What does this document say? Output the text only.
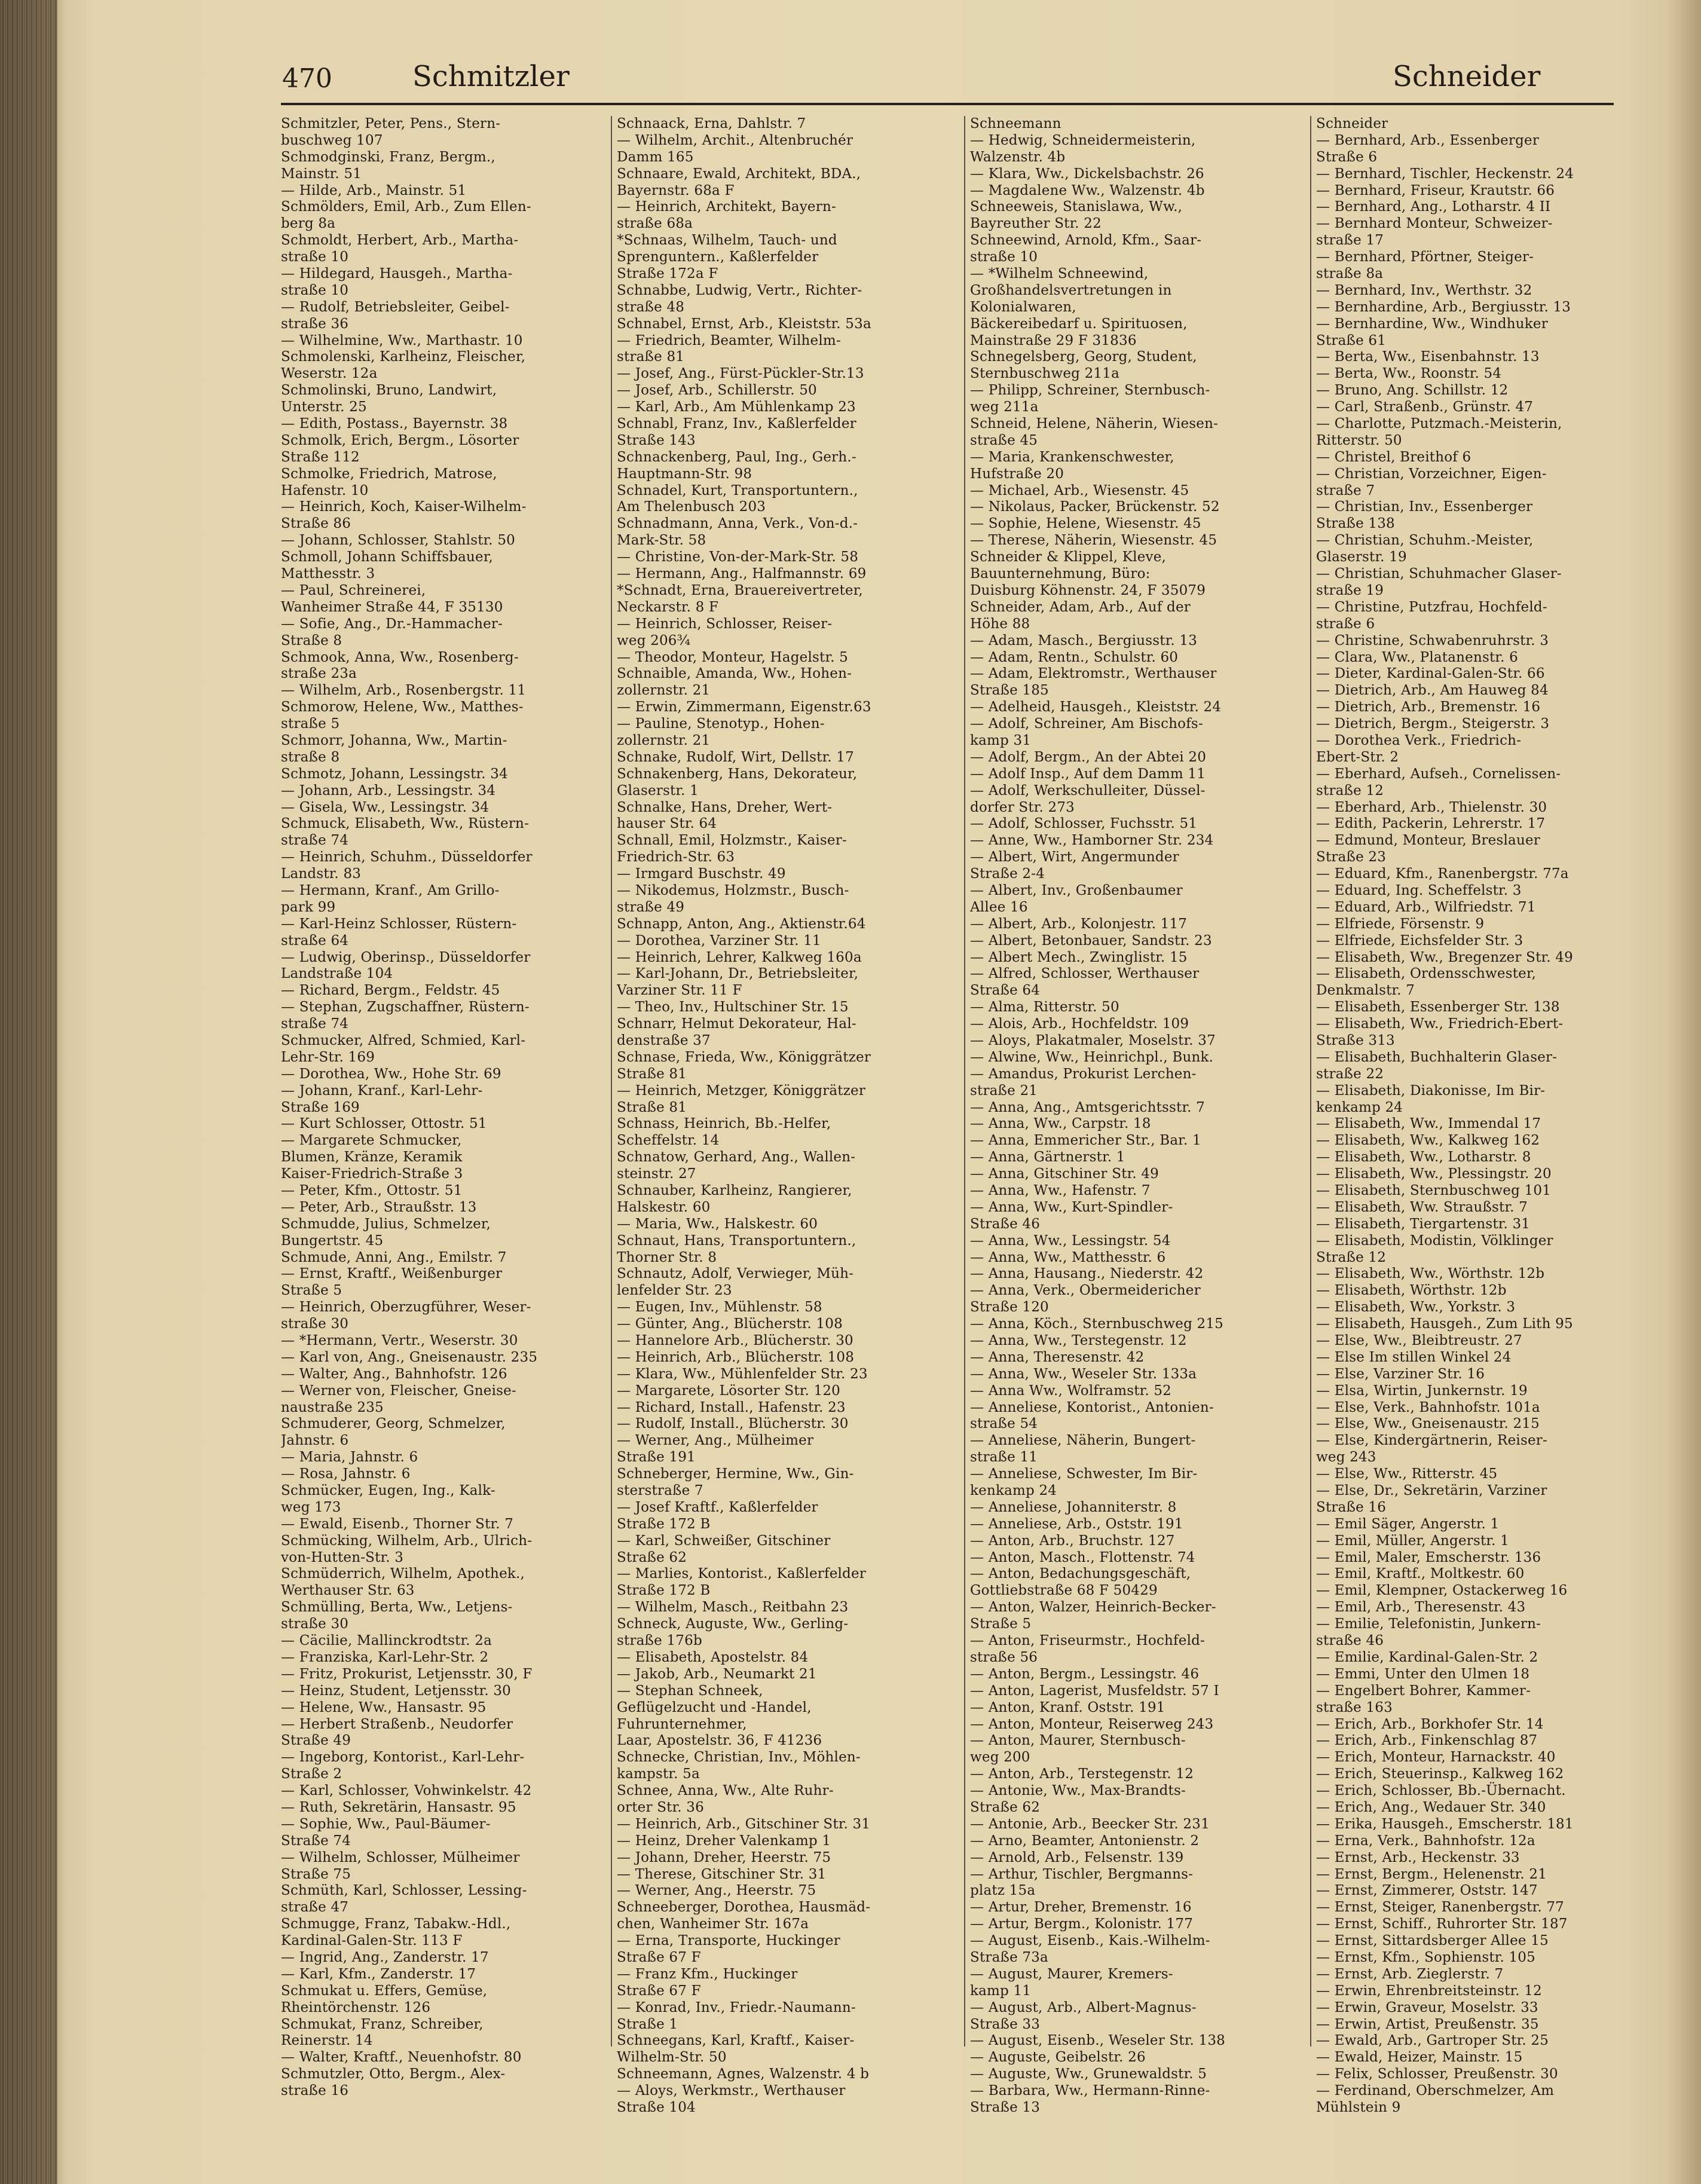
470	Schmitzler	Schneider
Schmitzler, Peter, Pens., Stern-
buschweg 107
Schmodginski, Franz, Bergm.,
Mainstr. 51
— Hilde, Arb., Mainstr. 51
Schmölders, Emil, Arb., Zum Ellen-
berg 8a
Schmoldt, Herbert, Arb., Martha-
straße 10
— Hildegard, Hausgeh., Martha-
straße 10
— Rudolf, Betriebsleiter, Geibel-
straße 36
— Wilhelmine, Ww., Marthastr. 10
Schmolenski, Karlheinz, Fleischer,
Weserstr. 12a
Schmolinski, Bruno, Landwirt,
Unterstr. 25
— Edith, Postass., Bayernstr. 38
Schmolk, Erich, Bergm., Lösorter
Straße 112
Schmolke, Friedrich, Matrose,
Hafenstr. 10
— Heinrich, Koch, Kaiser-Wilhelm-
Straße 86
— Johann, Schlosser, Stahlstr. 50
Schmoll, Johann Schiffsbauer,
Matthesstr. 3
— Paul, Schreinerei,
Wanheimer Straße 44, F 35130
— Sofie, Ang., Dr.-Hammacher-
Straße 8
Schmook, Anna, Ww., Rosenberg-
straße 23a
— Wilhelm, Arb., Rosenbergstr. 11
Schmorow, Helene, Ww., Matthes-
straße 5
Schmorr, Johanna, Ww., Martin-
straße 8
Schmotz, Johann, Lessingstr. 34
— Johann, Arb., Lessingstr. 34
— Gisela, Ww., Lessingstr. 34
Schmuck, Elisabeth, Ww., Rüstern-
straße 74
— Heinrich, Schuhm., Düsseldorfer
Landstr. 83
— Hermann, Kranf., Am Grillo-
park 99
— Karl-Heinz Schlosser, Rüstern-
straße 64
— Ludwig, Oberinsp., Düsseldorfer
Landstraße 104
— Richard, Bergm., Feldstr. 45
— Stephan, Zugschaffner, Rüstern-
straße 74
Schmucker, Alfred, Schmied, Karl-
Lehr-Str. 169
— Dorothea, Ww., Hohe Str. 69
— Johann, Kranf., Karl-Lehr-
Straße 169
— Kurt Schlosser, Ottostr. 51
— Margarete Schmucker,
Blumen, Kränze, Keramik
Kaiser-Friedrich-Straße 3
— Peter, Kfm., Ottostr. 51
— Peter, Arb., Straußstr. 13
Schmudde, Julius, Schmelzer,
Bungertstr. 45
Schmude, Anni, Ang., Emilstr. 7
— Ernst, Kraftf., Weißenburger
Straße 5
— Heinrich, Oberzugführer, Weser-
straße 30
— *Hermann, Vertr., Weserstr. 30
— Karl von, Ang., Gneisenaustr. 235
— Walter, Ang., Bahnhofstr. 126
— Werner von, Fleischer, Gneise-
naustraße 235
Schmuderer, Georg, Schmelzer,
Jahnstr. 6
— Maria, Jahnstr. 6
— Rosa, Jahnstr. 6
Schmücker, Eugen, Ing., Kalk-
weg 173
— Ewald, Eisenb., Thorner Str. 7
Schmücking, Wilhelm, Arb., Ulrich-
von-Hutten-Str. 3
Schmüderrich, Wilhelm, Apothek.,
Werthauser Str. 63
Schmülling, Berta, Ww., Letjens-
straße 30
— Cäcilie, Mallinckrodtstr. 2a
— Franziska, Karl-Lehr-Str. 2
— Fritz, Prokurist, Letjensstr. 30, F
— Heinz, Student, Letjensstr. 30
— Helene, Ww., Hansastr. 95
— Herbert Straßenb., Neudorfer
Straße 49
— Ingeborg, Kontorist., Karl-Lehr-
Straße 2
— Karl, Schlosser, Vohwinkelstr. 42
— Ruth, Sekretärin, Hansastr. 95
— Sophie, Ww., Paul-Bäumer-
Straße 74
— Wilhelm, Schlosser, Mülheimer
Straße 75
Schmüth, Karl, Schlosser, Lessing-
straße 47
Schmugge, Franz, Tabakw.-Hdl.,
Kardinal-Galen-Str. 113 F
— Ingrid, Ang., Zanderstr. 17
— Karl, Kfm., Zanderstr. 17
Schmukat u. Effers, Gemüse,
Rheintörchenstr. 126
Schmukat, Franz, Schreiber,
Reinerstr. 14
— Walter, Kraftf., Neuenhofstr. 80
Schmutzler, Otto, Bergm., Alex-
straße 16
Schnaack, Erna, Dahlstr. 7
— Wilhelm, Archit., Altenbruchér
Damm 165
Schnaare, Ewald, Architekt, BDA.,
Bayernstr. 68a F
— Heinrich, Architekt, Bayern-
straße 68a
*Schnaas, Wilhelm, Tauch- und
Sprenguntern., Kaßlerfelder
Straße 172a F
Schnabbe, Ludwig, Vertr., Richter-
straße 48
Schnabel, Ernst, Arb., Kleiststr. 53a
— Friedrich, Beamter, Wilhelm-
straße 81
— Josef, Ang., Fürst-Pückler-Str.13
— Josef, Arb., Schillerstr. 50
— Karl, Arb., Am Mühlenkamp 23
Schnabl, Franz, Inv., Kaßlerfelder
Straße 143
Schnackenberg, Paul, Ing., Gerh.-
Hauptmann-Str. 98
Schnadel, Kurt, Transportuntern.,
Am Thelenbusch 203
Schnadmann, Anna, Verk., Von-d.-
Mark-Str. 58
— Christine, Von-der-Mark-Str. 58
— Hermann, Ang., Halfmannstr. 69
*Schnadt, Erna, Brauereivertreter,
Neckarstr. 8 F
— Heinrich, Schlosser, Reiser-
weg 206¾
— Theodor, Monteur, Hagelstr. 5
Schnaible, Amanda, Ww., Hohen-
zollernstr. 21
— Erwin, Zimmermann, Eigenstr.63
— Pauline, Stenotyp., Hohen-
zollernstr. 21
Schnake, Rudolf, Wirt, Dellstr. 17
Schnakenberg, Hans, Dekorateur,
Glaserstr. 1
Schnalke, Hans, Dreher, Wert-
hauser Str. 64
Schnall, Emil, Holzmstr., Kaiser-
Friedrich-Str. 63
— Irmgard Buschstr. 49
— Nikodemus, Holzmstr., Busch-
straße 49
Schnapp, Anton, Ang., Aktienstr.64
— Dorothea, Varziner Str. 11
— Heinrich, Lehrer, Kalkweg 160a
— Karl-Johann, Dr., Betriebsleiter,
Varziner Str. 11 F
— Theo, Inv., Hultschiner Str. 15
Schnarr, Helmut Dekorateur, Hal-
denstraße 37
Schnase, Frieda, Ww., Königgrätzer
Straße 81
— Heinrich, Metzger, Königgrätzer
Straße 81
Schnass, Heinrich, Bb.-Helfer,
Scheffelstr. 14
Schnatow, Gerhard, Ang., Wallen-
steinstr. 27
Schnauber, Karlheinz, Rangierer,
Halskestr. 60
— Maria, Ww., Halskestr. 60
Schnaut, Hans, Transportuntern.,
Thorner Str. 8
Schnautz, Adolf, Verwieger, Müh-
lenfelder Str. 23
— Eugen, Inv., Mühlenstr. 58
— Günter, Ang., Blücherstr. 108
— Hannelore Arb., Blücherstr. 30
— Heinrich, Arb., Blücherstr. 108
— Klara, Ww., Mühlenfelder Str. 23
— Margarete, Lösorter Str. 120
— Richard, Install., Hafenstr. 23
— Rudolf, Install., Blücherstr. 30
— Werner, Ang., Mülheimer
Straße 191
Schneberger, Hermine, Ww., Gin-
sterstraße 7
— Josef Kraftf., Kaßlerfelder
Straße 172 B
— Karl, Schweißer, Gitschiner
Straße 62
— Marlies, Kontorist., Kaßlerfelder
Straße 172 B
— Wilhelm, Masch., Reitbahn 23
Schneck, Auguste, Ww., Gerling-
straße 176b
— Elisabeth, Apostelstr. 84
— Jakob, Arb., Neumarkt 21
— Stephan Schneek,
Geflügelzucht und -Handel,
Fuhrunternehmer,
Laar, Apostelstr. 36, F 41236
Schnecke, Christian, Inv., Möhlen-
kampstr. 5a
Schnee, Anna, Ww., Alte Ruhr-
orter Str. 36
— Heinrich, Arb., Gitschiner Str. 31
— Heinz, Dreher Valenkamp 1
— Johann, Dreher, Heerstr. 75
— Therese, Gitschiner Str. 31
— Werner, Ang., Heerstr. 75
Schneeberger, Dorothea, Hausmäd-
chen, Wanheimer Str. 167a
— Erna, Transporte, Huckinger
Straße 67 F
— Franz Kfm., Huckinger
Straße 67 F
— Konrad, Inv., Friedr.-Naumann-
Straße 1
Schneegans, Karl, Kraftf., Kaiser-
Wilhelm-Str. 50
Schneemann, Agnes, Walzenstr. 4 b
— Aloys, Werkmstr., Werthauser
Straße 104
Schneemann
— Hedwig, Schneidermeisterin,
Walzenstr. 4b
— Klara, Ww., Dickelsbachstr. 26
— Magdalene Ww., Walzenstr. 4b
Schneeweis, Stanislawa, Ww.,
Bayreuther Str. 22
Schneewind, Arnold, Kfm., Saar-
straße 10
— *Wilhelm Schneewind,
Großhandelsvertretungen in
Kolonialwaren,
Bäckereibedarf u. Spirituosen,
Mainstraße 29 F 31836
Schnegelsberg, Georg, Student,
Sternbuschweg 211a
— Philipp, Schreiner, Sternbusch-
weg 211a
Schneid, Helene, Näherin, Wiesen-
straße 45
— Maria, Krankenschwester,
Hufstraße 20
— Michael, Arb., Wiesenstr. 45
— Nikolaus, Packer, Brückenstr. 52
— Sophie, Helene, Wiesenstr. 45
— Therese, Näherin, Wiesenstr. 45
Schneider & Klippel, Kleve,
Bauunternehmung, Büro:
Duisburg Köhnenstr. 24, F 35079
Schneider, Adam, Arb., Auf der
Höhe 88
— Adam, Masch., Bergiusstr. 13
— Adam, Rentn., Schulstr. 60
— Adam, Elektromstr., Werthauser
Straße 185
— Adelheid, Hausgeh., Kleiststr. 24
— Adolf, Schreiner, Am Bischofs-
kamp 31
— Adolf, Bergm., An der Abtei 20
— Adolf Insp., Auf dem Damm 11
— Adolf, Werkschulleiter, Düssel-
dorfer Str. 273
— Adolf, Schlosser, Fuchsstr. 51
— Anne, Ww., Hamborner Str. 234
— Albert, Wirt, Angermunder
Straße 2-4
— Albert, Inv., Großenbaumer
Allee 16
— Albert, Arb., Kolonjestr. 117
— Albert, Betonbauer, Sandstr. 23
— Albert Mech., Zwinglistr. 15
— Alfred, Schlosser, Werthauser
Straße 64
— Alma, Ritterstr. 50
— Alois, Arb., Hochfeldstr. 109
— Aloys, Plakatmaler, Moselstr. 37
— Alwine, Ww., Heinrichpl., Bunk.
— Amandus, Prokurist Lerchen-
straße 21
— Anna, Ang., Amtsgerichtsstr. 7
— Anna, Ww., Carpstr. 18
— Anna, Emmericher Str., Bar. 1
— Anna, Gärtnerstr. 1
— Anna, Gitschiner Str. 49
— Anna, Ww., Hafenstr. 7
— Anna, Ww., Kurt-Spindler-
Straße 46
— Anna, Ww., Lessingstr. 54
— Anna, Ww., Matthesstr. 6
— Anna, Hausang., Niederstr. 42
— Anna, Verk., Obermeidericher
Straße 120
— Anna, Köch., Sternbuschweg 215
— Anna, Ww., Terstegenstr. 12
— Anna, Theresenstr. 42
— Anna, Ww., Weseler Str. 133a
— Anna Ww., Wolframstr. 52
— Anneliese, Kontorist., Antonien-
straße 54
— Anneliese, Näherin, Bungert-
straße 11
— Anneliese, Schwester, Im Bir-
kenkamp 24
— Anneliese, Johanniterstr. 8
— Anneliese, Arb., Oststr. 191
— Anton, Arb., Bruchstr. 127
— Anton, Masch., Flottenstr. 74
— Anton, Bedachungsgeschäft,
Gottliebstraße 68 F 50429
— Anton, Walzer, Heinrich-Becker-
Straße 5
— Anton, Friseurmstr., Hochfeld-
straße 56
— Anton, Bergm., Lessingstr. 46
— Anton, Lagerist, Musfeldstr. 57 I
— Anton, Kranf. Oststr. 191
— Anton, Monteur, Reiserweg 243
— Anton, Maurer, Sternbusch-
weg 200
— Anton, Arb., Terstegenstr. 12
— Antonie, Ww., Max-Brandts-
Straße 62
— Antonie, Arb., Beecker Str. 231
— Arno, Beamter, Antonienstr. 2
— Arnold, Arb., Felsenstr. 139
— Arthur, Tischler, Bergmanns-
platz 15a
— Artur, Dreher, Bremenstr. 16
— Artur, Bergm., Kolonistr. 177
— August, Eisenb., Kais.-Wilhelm-
Straße 73a
— August, Maurer, Kremers-
kamp 11
— August, Arb., Albert-Magnus-
Straße 33
— August, Eisenb., Weseler Str. 138
— Auguste, Geibelstr. 26
— Auguste, Ww., Grunewaldstr. 5
— Barbara, Ww., Hermann-Rinne-
Straße 13
Schneider
— Bernhard, Arb., Essenberger
Straße 6
— Bernhard, Tischler, Heckenstr. 24
— Bernhard, Friseur, Krautstr. 66
— Bernhard, Ang., Lotharstr. 4 II
— Bernhard Monteur, Schweizer-
straße 17
— Bernhard, Pförtner, Steiger-
straße 8a
— Bernhard, Inv., Werthstr. 32
— Bernhardine, Arb., Bergiusstr. 13
— Bernhardine, Ww., Windhuker
Straße 61
— Berta, Ww., Eisenbahnstr. 13
— Berta, Ww., Roonstr. 54
— Bruno, Ang. Schillstr. 12
— Carl, Straßenb., Grünstr. 47
— Charlotte, Putzmach.-Meisterin,
Ritterstr. 50
— Christel, Breithof 6
— Christian, Vorzeichner, Eigen-
straße 7
— Christian, Inv., Essenberger
Straße 138
— Christian, Schuhm.-Meister,
Glaserstr. 19
— Christian, Schuhmacher Glaser-
straße 19
— Christine, Putzfrau, Hochfeld-
straße 6
— Christine, Schwabenruhrstr. 3
— Clara, Ww., Platanenstr. 6
— Dieter, Kardinal-Galen-Str. 66
— Dietrich, Arb., Am Hauweg 84
— Dietrich, Arb., Bremenstr. 16
— Dietrich, Bergm., Steigerstr. 3
— Dorothea Verk., Friedrich-
Ebert-Str. 2
— Eberhard, Aufseh., Cornelissen-
straße 12
— Eberhard, Arb., Thielenstr. 30
— Edith, Packerin, Lehrerstr. 17
— Edmund, Monteur, Breslauer
Straße 23
— Eduard, Kfm., Ranenbergstr. 77a
— Eduard, Ing. Scheffelstr. 3
— Eduard, Arb., Wilfriedstr. 71
— Elfriede, Försenstr. 9
— Elfriede, Eichsfelder Str. 3
— Elisabeth, Ww., Bregenzer Str. 49
— Elisabeth, Ordensschwester,
Denkmalstr. 7
— Elisabeth, Essenberger Str. 138
— Elisabeth, Ww., Friedrich-Ebert-
Straße 313
— Elisabeth, Buchhalterin Glaser-
straße 22
— Elisabeth, Diakonisse, Im Bir-
kenkamp 24
— Elisabeth, Ww., Immendal 17
— Elisabeth, Ww., Kalkweg 162
— Elisabeth, Ww., Lotharstr. 8
— Elisabeth, Ww., Plessingstr. 20
— Elisabeth, Sternbuschweg 101
— Elisabeth, Ww. Straußstr. 7
— Elisabeth, Tiergartenstr. 31
— Elisabeth, Modistin, Völklinger
Straße 12
— Elisabeth, Ww., Wörthstr. 12b
— Elisabeth, Wörthstr. 12b
— Elisabeth, Ww., Yorkstr. 3
— Elisabeth, Hausgeh., Zum Lith 95
— Else, Ww., Bleibtreustr. 27
— Else Im stillen Winkel 24
— Else, Varziner Str. 16
— Elsa, Wirtin, Junkernstr. 19
— Else, Verk., Bahnhofstr. 101a
— Else, Ww., Gneisenaustr. 215
— Else, Kindergärtnerin, Reiser-
weg 243
— Else, Ww., Ritterstr. 45
— Else, Dr., Sekretärin, Varziner
Straße 16
— Emil Säger, Angerstr. 1
— Emil, Müller, Angerstr. 1
— Emil, Maler, Emscherstr. 136
— Emil, Kraftf., Moltkestr. 60
— Emil, Klempner, Ostackerweg 16
— Emil, Arb., Theresenstr. 43
— Emilie, Telefonistin, Junkern-
straße 46
— Emilie, Kardinal-Galen-Str. 2
— Emmi, Unter den Ulmen 18
— Engelbert Bohrer, Kammer-
straße 163
— Erich, Arb., Borkhofer Str. 14
— Erich, Arb., Finkenschlag 87
— Erich, Monteur, Harnackstr. 40
— Erich, Steuerinsp., Kalkweg 162
— Erich, Schlosser, Bb.-Übernacht.
— Erich, Ang., Wedauer Str. 340
— Erika, Hausgeh., Emscherstr. 181
— Erna, Verk., Bahnhofstr. 12a
— Ernst, Arb., Heckenstr. 33
— Ernst, Bergm., Helenenstr. 21
— Ernst, Zimmerer, Oststr. 147
— Ernst, Steiger, Ranenbergstr. 77
— Ernst, Schiff., Ruhrorter Str. 187
— Ernst, Sittardsberger Allee 15
— Ernst, Kfm., Sophienstr. 105
— Ernst, Arb. Zieglerstr. 7
— Erwin, Ehrenbreitsteinstr. 12
— Erwin, Graveur, Moselstr. 33
— Erwin, Artist, Preußenstr. 35
— Ewald, Arb., Gartroper Str. 25
— Ewald, Heizer, Mainstr. 15
— Felix, Schlosser, Preußenstr. 30
— Ferdinand, Oberschmelzer, Am
Mühlstein 9
